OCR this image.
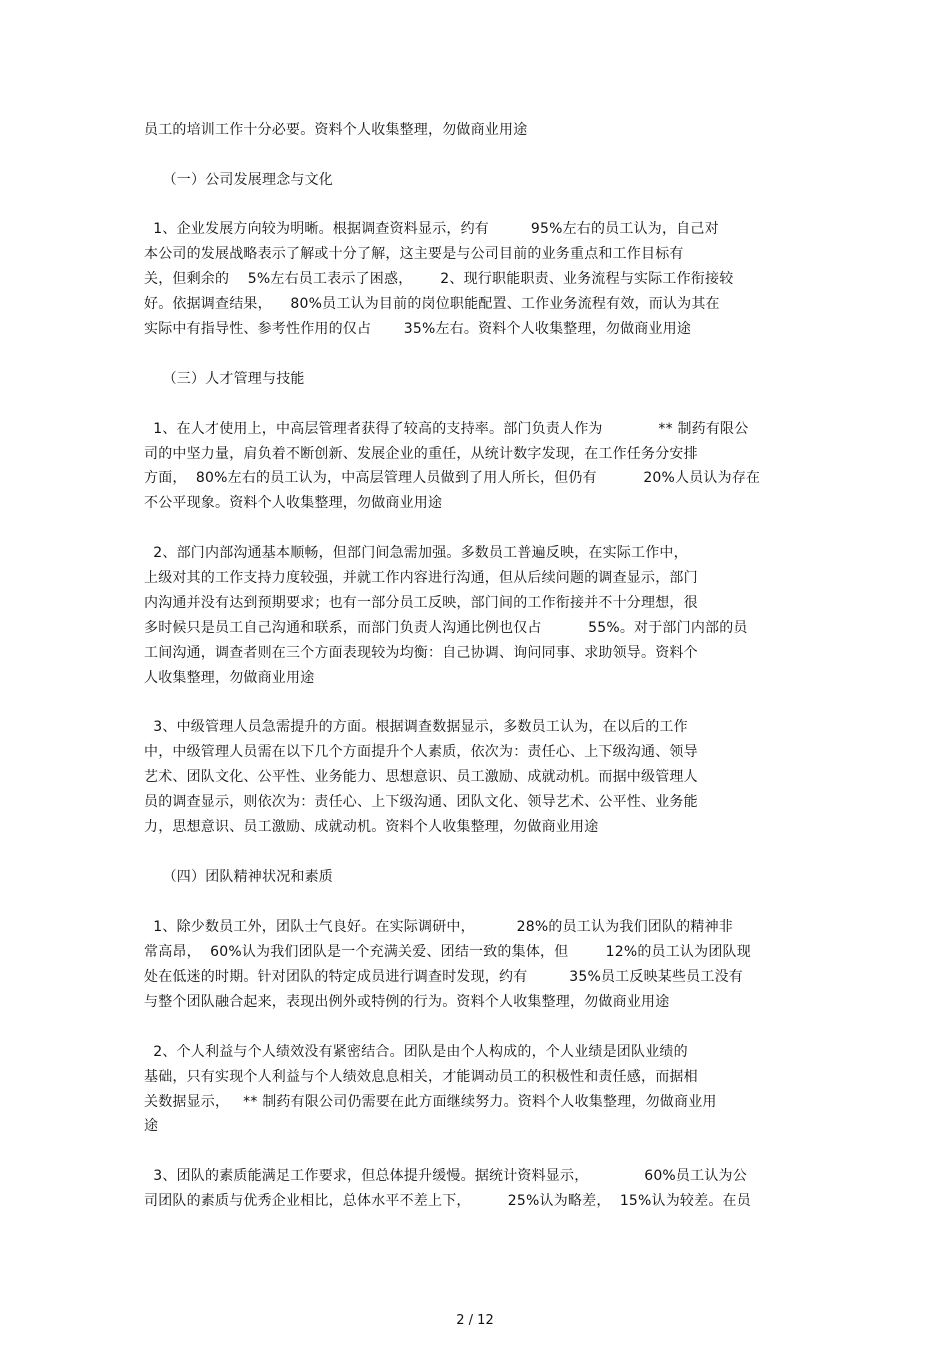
员工的培训工作十分必要。资料个人收集整理，勿做商业用途
（一）公司发展理念与文化
1、企业发展方向较为明晰。根据调查资料显示，约有         95%左右的员工认为，自己对
本公司的发展战略表示了解或十分了解，这主要是与公司目前的业务重点和工作目标有
关，但剩余的    5%左右员工表示了困惑，      2、现行职能职责、业务流程与实际工作衔接较
好。依据调查结果，    80%员工认为目前的岗位职能配置、工作业务流程有效，而认为其在
实际中有指导性、参考性作用的仅占       35%左右。资料个人收集整理，勿做商业用途
（三）人才管理与技能
1、在人才使用上，中高层管理者获得了较高的支持率。部门负责人作为            ** 制药有限公
司的中坚力量，肩负着不断创新、发展企业的重任，从统计数字发现，在工作任务分安排
方面，  80%左右的员工认为，中高层管理人员做到了用人所长，但仍有          20%人员认为存在
不公平现象。资料个人收集整理，勿做商业用途
2、部门内部沟通基本顺畅，但部门间急需加强。多数员工普遍反映，在实际工作中，
上级对其的工作支持力度较强，并就工作内容进行沟通，但从后续问题的调查显示，部门
内沟通并没有达到预期要求；也有一部分员工反映，部门间的工作衔接并不十分理想，很
多时候只是员工自己沟通和联系，而部门负责人沟通比例也仅占          55%。对于部门内部的员
工间沟通，调查者则在三个方面表现较为均衡：自己协调、询问同事、求助领导。资料个
人收集整理，勿做商业用途
3、中级管理人员急需提升的方面。根据调查数据显示，多数员工认为，在以后的工作
中，中级管理人员需在以下几个方面提升个人素质，依次为：责任心、上下级沟通、领导
艺术、团队文化、公平性、业务能力、思想意识、员工激励、成就动机。而据中级管理人
员的调查显示，则依次为：责任心、上下级沟通、团队文化、领导艺术、公平性、业务能
力，思想意识、员工激励、成就动机。资料个人收集整理，勿做商业用途
（四）团队精神状况和素质
1、除少数员工外，团队士气良好。在实际调研中，         28%的员工认为我们团队的精神非
常高昂，  60%认为我们团队是一个充满关爱、团结一致的集体，但        12%的员工认为团队现
处在低迷的时期。针对团队的特定成员进行调查时发现，约有         35%员工反映某些员工没有
与整个团队融合起来，表现出例外或特例的行为。资料个人收集整理，勿做商业用途
2、个人利益与个人绩效没有紧密结合。团队是由个人构成的，个人业绩是团队业绩的
基础，只有实现个人利益与个人绩效息息相关，才能调动员工的积极性和责任感，而据相
关数据显示，   ** 制药有限公司仍需要在此方面继续努力。资料个人收集整理，勿做商业用
途
3、团队的素质能满足工作要求，但总体提升缓慢。据统计资料显示，            60%员工认为公
司团队的素质与优秀企业相比，总体水平不差上下，        25%认为略差，  15%认为较差。在员
2 / 12
